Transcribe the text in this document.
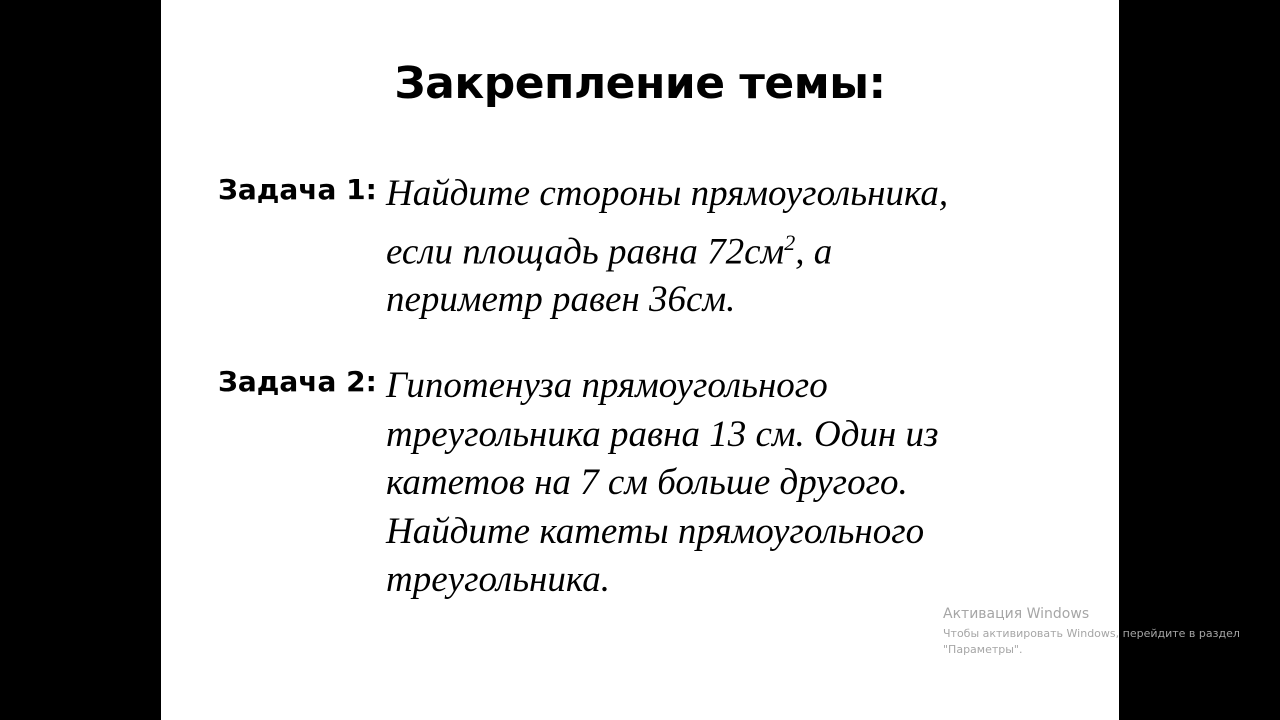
Закрепление темы:
Задача 1: Найдите стороны прямоугольника,
если площадь равна $72см^2$, а
периметр равен 36см.
Задача 2: Гипотенуза прямоугольного
треугольника равна 13 см. Один из
катетов на 7 см больше другого.
Найдите катеты прямоугольного
треугольника.
Активация Windows
Чтобы активировать Windows, перейдите в раздел "Параметры".
